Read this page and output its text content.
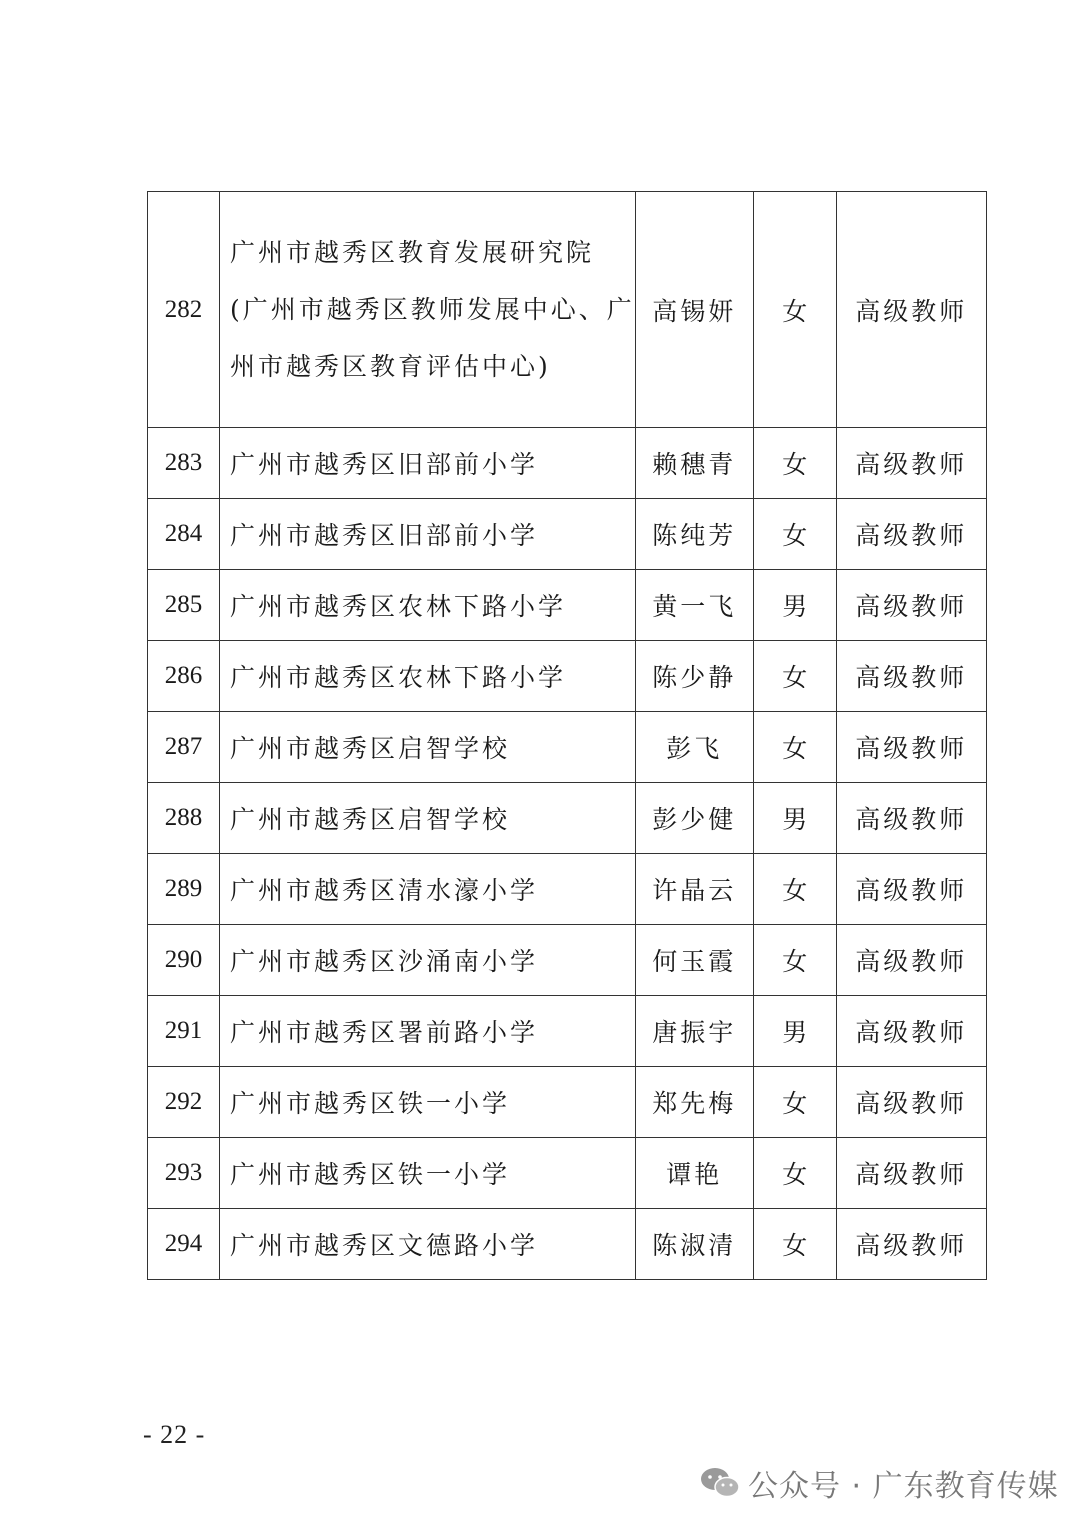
282	广州市越秀区教育发展研究院
(广州市越秀区教师发展中心、广
州市越秀区教育评估中心)	高锡妍	女	高级教师
283	广州市越秀区旧部前小学	赖穗青	女	高级教师
284	广州市越秀区旧部前小学	陈纯芳	女	高级教师
285	广州市越秀区农林下路小学	黄一飞	男	高级教师
286	广州市越秀区农林下路小学	陈少静	女	高级教师
287	广州市越秀区启智学校	彭飞	女	高级教师
288	广州市越秀区启智学校	彭少健	男	高级教师
289	广州市越秀区清水濠小学	许晶云	女	高级教师
290	广州市越秀区沙涌南小学	何玉霞	女	高级教师
291	广州市越秀区署前路小学	唐振宇	男	高级教师
292	广州市越秀区铁一小学	郑先梅	女	高级教师
293	广州市越秀区铁一小学	谭艳	女	高级教师
294	广州市越秀区文德路小学	陈淑清	女	高级教师
- 22 -
公众号 · 广东教育传媒
